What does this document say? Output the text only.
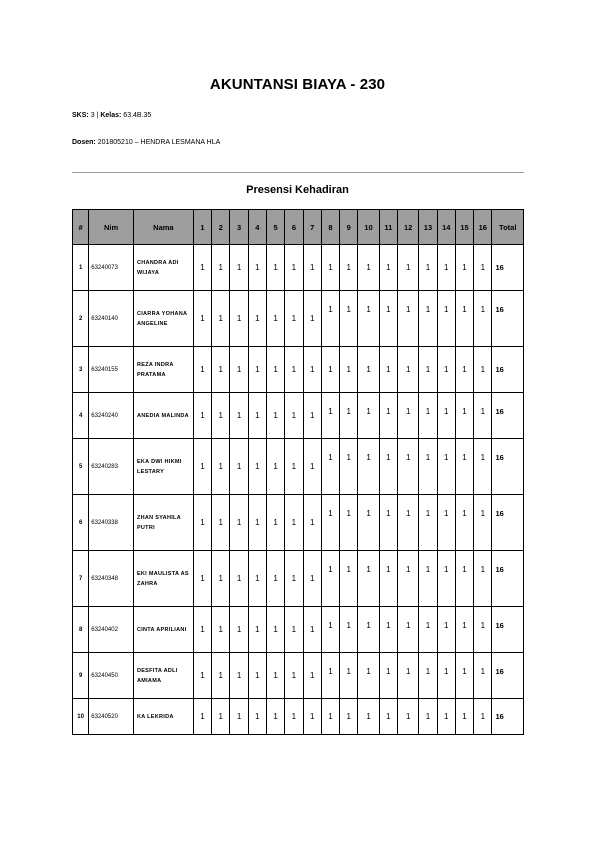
AKUNTANSI BIAYA - 230
SKS: 3 | Kelas: 63.4B.35
Dosen: 201805210 – HENDRA LESMANA HLA
Presensi Kehadiran
#	Nim	Nama	1	2	3	4	5	6	7	8	9	10	11	12	13	14	15	16	Total
1	63240073	CHANDRA ADI WIJAYA	1	1	1	1	1	1	1	1	1	1	1	1	1	1	1	1	16
2	63240140	CIARRA YOHANA ANGELINE	1	1	1	1	1	1	1	1	1	1	1	1	1	1	1	1	16
3	63240155	REZA INDRA PRATAMA	1	1	1	1	1	1	1	1	1	1	1	1	1	1	1	1	16
4	63240240	ANEDIA MALINDA	1	1	1	1	1	1	1	1	1	1	1	1	1	1	1	1	16
5	63240283	EKA DWI HIKMI LESTARY	1	1	1	1	1	1	1	1	1	1	1	1	1	1	1	1	16
6	63240338	ZHAN SYAHILA PUTRI	1	1	1	1	1	1	1	1	1	1	1	1	1	1	1	1	16
7	63240348	EKI MAULISTA AS ZAHRA	1	1	1	1	1	1	1	1	1	1	1	1	1	1	1	1	16
8	63240402	CINTA APRILIANI	1	1	1	1	1	1	1	1	1	1	1	1	1	1	1	1	16
9	63240450	DESFITA ADLI AMIAMA	1	1	1	1	1	1	1	1	1	1	1	1	1	1	1	1	16
10	63240520	KA LEKRIDA	1	1	1	1	1	1	1	1	1	1	1	1	1	1	1	1	16
